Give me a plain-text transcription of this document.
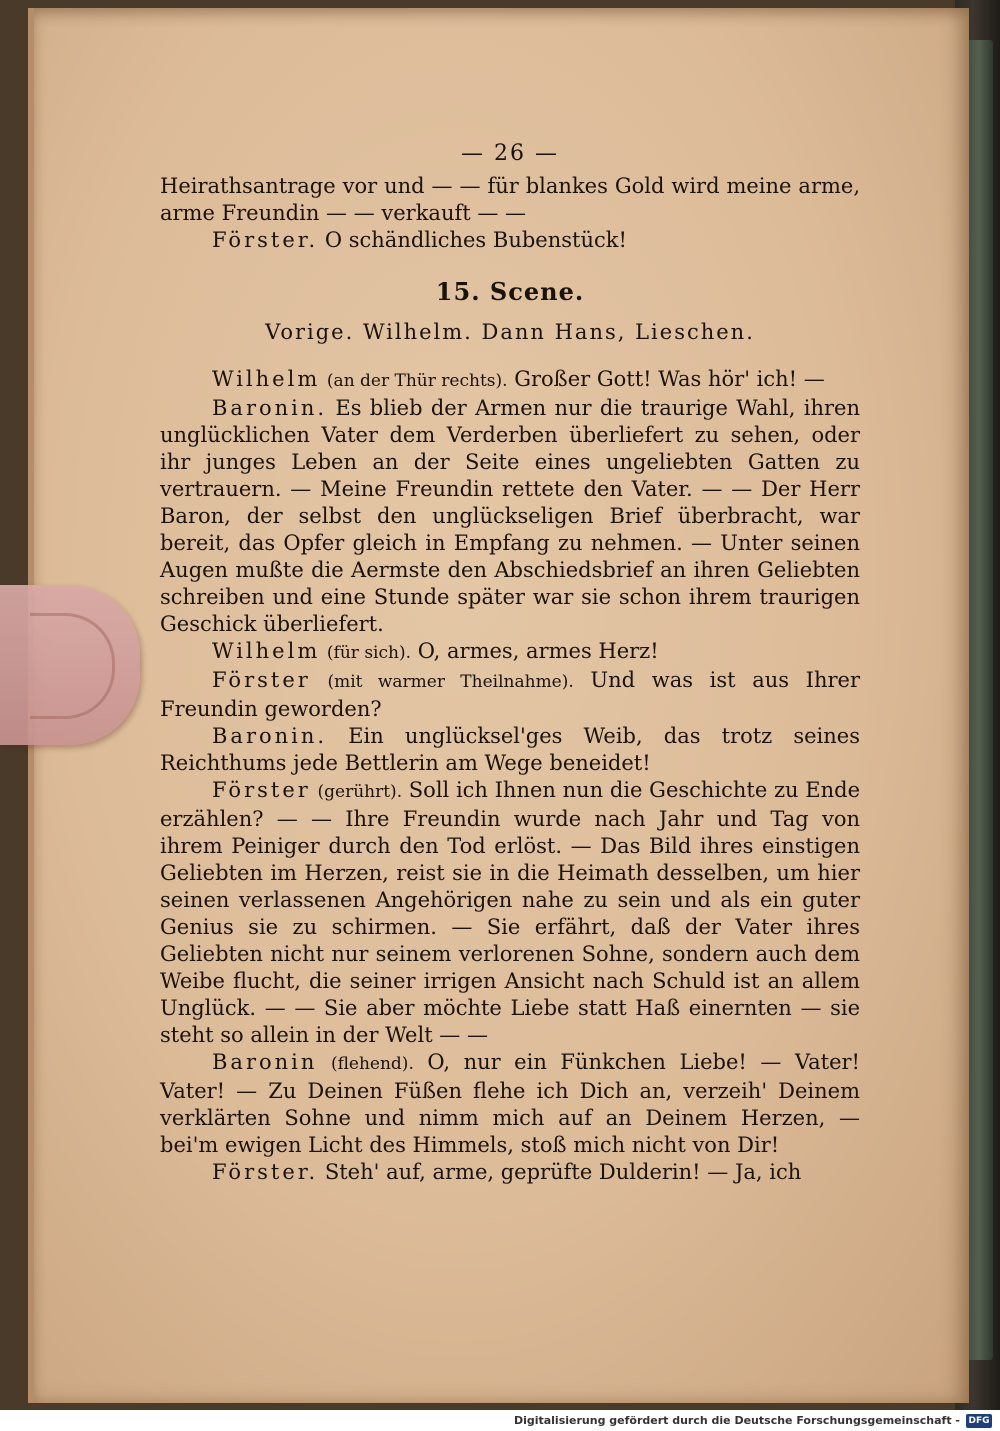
— 26 —

Heirathsantrage vor und — — für blankes Gold wird meine arme, arme Freundin — — verkauft — —

Förster. O schändliches Bubenstück!

15. Scene.
Vorige. Wilhelm. Dann Hans, Lieschen.

Wilhelm (an der Thür rechts). Großer Gott! Was hör' ich! —

Baronin. Es blieb der Armen nur die traurige Wahl, ihren unglücklichen Vater dem Verderben überliefert zu sehen, oder ihr junges Leben an der Seite eines ungeliebten Gatten zu vertrauern. — Meine Freundin rettete den Vater. — — Der Herr Baron, der selbst den unglückseligen Brief überbracht, war bereit, das Opfer gleich in Empfang zu nehmen. — Unter seinen Augen mußte die Aermste den Abschiedsbrief an ihren Geliebten schreiben und eine Stunde später war sie schon ihrem traurigen Geschick überliefert.

Wilhelm (für sich). O, armes, armes Herz!

Förster (mit warmer Theilnahme). Und was ist aus Ihrer Freundin geworden?

Baronin. Ein unglücksel'ges Weib, das trotz seines Reichthums jede Bettlerin am Wege beneidet!

Förster (gerührt). Soll ich Ihnen nun die Geschichte zu Ende erzählen? — — Ihre Freundin wurde nach Jahr und Tag von ihrem Peiniger durch den Tod erlöst. — Das Bild ihres einstigen Geliebten im Herzen, reist sie in die Heimath desselben, um hier seinen verlassenen Angehörigen nahe zu sein und als ein guter Genius sie zu schirmen. — Sie erfährt, daß der Vater ihres Geliebten nicht nur seinem verlorenen Sohne, sondern auch dem Weibe flucht, die seiner irrigen Ansicht nach Schuld ist an allem Unglück. — — Sie aber möchte Liebe statt Haß einernten — sie steht so allein in der Welt — —

Baronin (flehend). O, nur ein Fünkchen Liebe! — Vater! Vater! — Zu Deinen Füßen flehe ich Dich an, verzeih' Deinem verklärten Sohne und nimm mich auf an Deinem Herzen, — bei'm ewigen Licht des Himmels, stoß mich nicht von Dir!

Förster. Steh' auf, arme, geprüfte Dulderin! — Ja, ich

Digitalisierung gefördert durch die Deutsche Forschungsgemeinschaft - DFG
